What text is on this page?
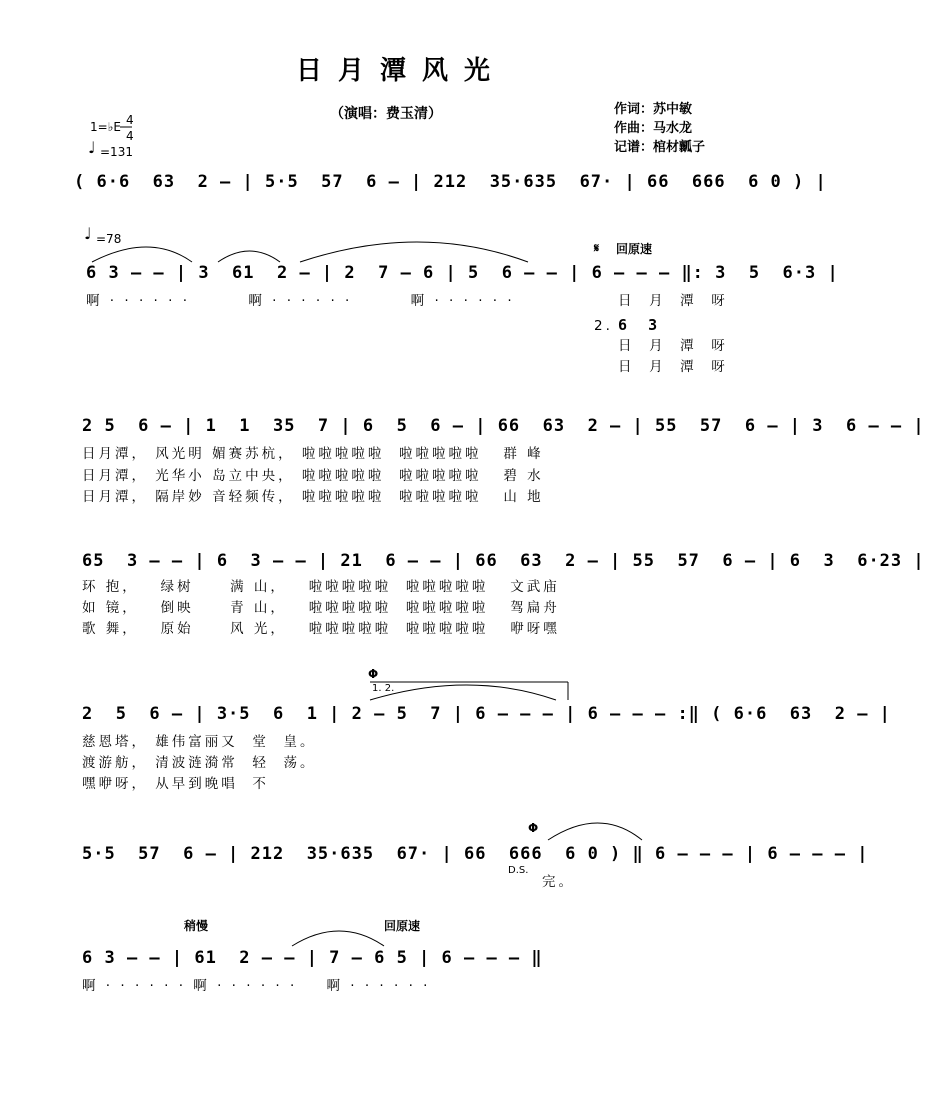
日月潭风光
（演唱：费玉清）	作词：苏中敏
作曲：马水龙
记谱：棺材瓤子
1=♭E 4
4
♩ =131
( 6·6  63  2 – | 5·5  57  6 – | 212  35·635  67· | 66  666  6 0 ) |
♩ =78
𝄋 回原速
6 3 – – | 3  61  2 – | 2  7 – 6 | 5  6 – – | 6 – – – ‖: 3  5  6·3 |
啊 · · · · · ·        啊 · · · · · ·        啊 · · · · · ·	日  月  潭  呀
2. 6  3
日  月  潭  呀
日  月  潭  呀
2 5  6 – | 1  1  35  7 | 6  5  6 – | 66  63  2 – | 55  57  6 – | 3  6 – – |
日月潭， 风光明 媚赛苏杭， 啦啦啦啦啦  啦啦啦啦啦   群 峰
日月潭， 光华小 岛立中央， 啦啦啦啦啦  啦啦啦啦啦   碧 水
日月潭， 隔岸妙 音轻频传， 啦啦啦啦啦  啦啦啦啦啦   山 地
65  3 – – | 6  3 – – | 21  6 – – | 66  63  2 – | 55  57  6 – | 6  3  6·23 |
环 抱，   绿树     满 山，   啦啦啦啦啦  啦啦啦啦啦   文武庙
如 镜，   倒映     青 山，   啦啦啦啦啦  啦啦啦啦啦   驾扁舟
歌 舞，   原始     风 光，   啦啦啦啦啦  啦啦啦啦啦   咿呀嘿
Φ
1. 2.
2  5  6 – | 3·5  6  1 | 2 – 5  7 | 6 – – – | 6 – – – :‖ ( 6·6  63  2 – |
慈恩塔， 雄伟富丽又  堂  皇。
渡游舫， 清波涟漪常  轻  荡。
嘿咿呀， 从早到晚唱  不
Φ
5·5  57  6 – | 212  35·635  67· | 66  666  6 0 ) ‖ 6 – – – | 6 – – – |
D.S.
完。
稍慢	回原速
6 3 – – | 61  2 – – | 7 – 6 5 | 6 – – – ‖
啊 · · · · · · 啊 · · · · · ·    啊 · · · · · ·
